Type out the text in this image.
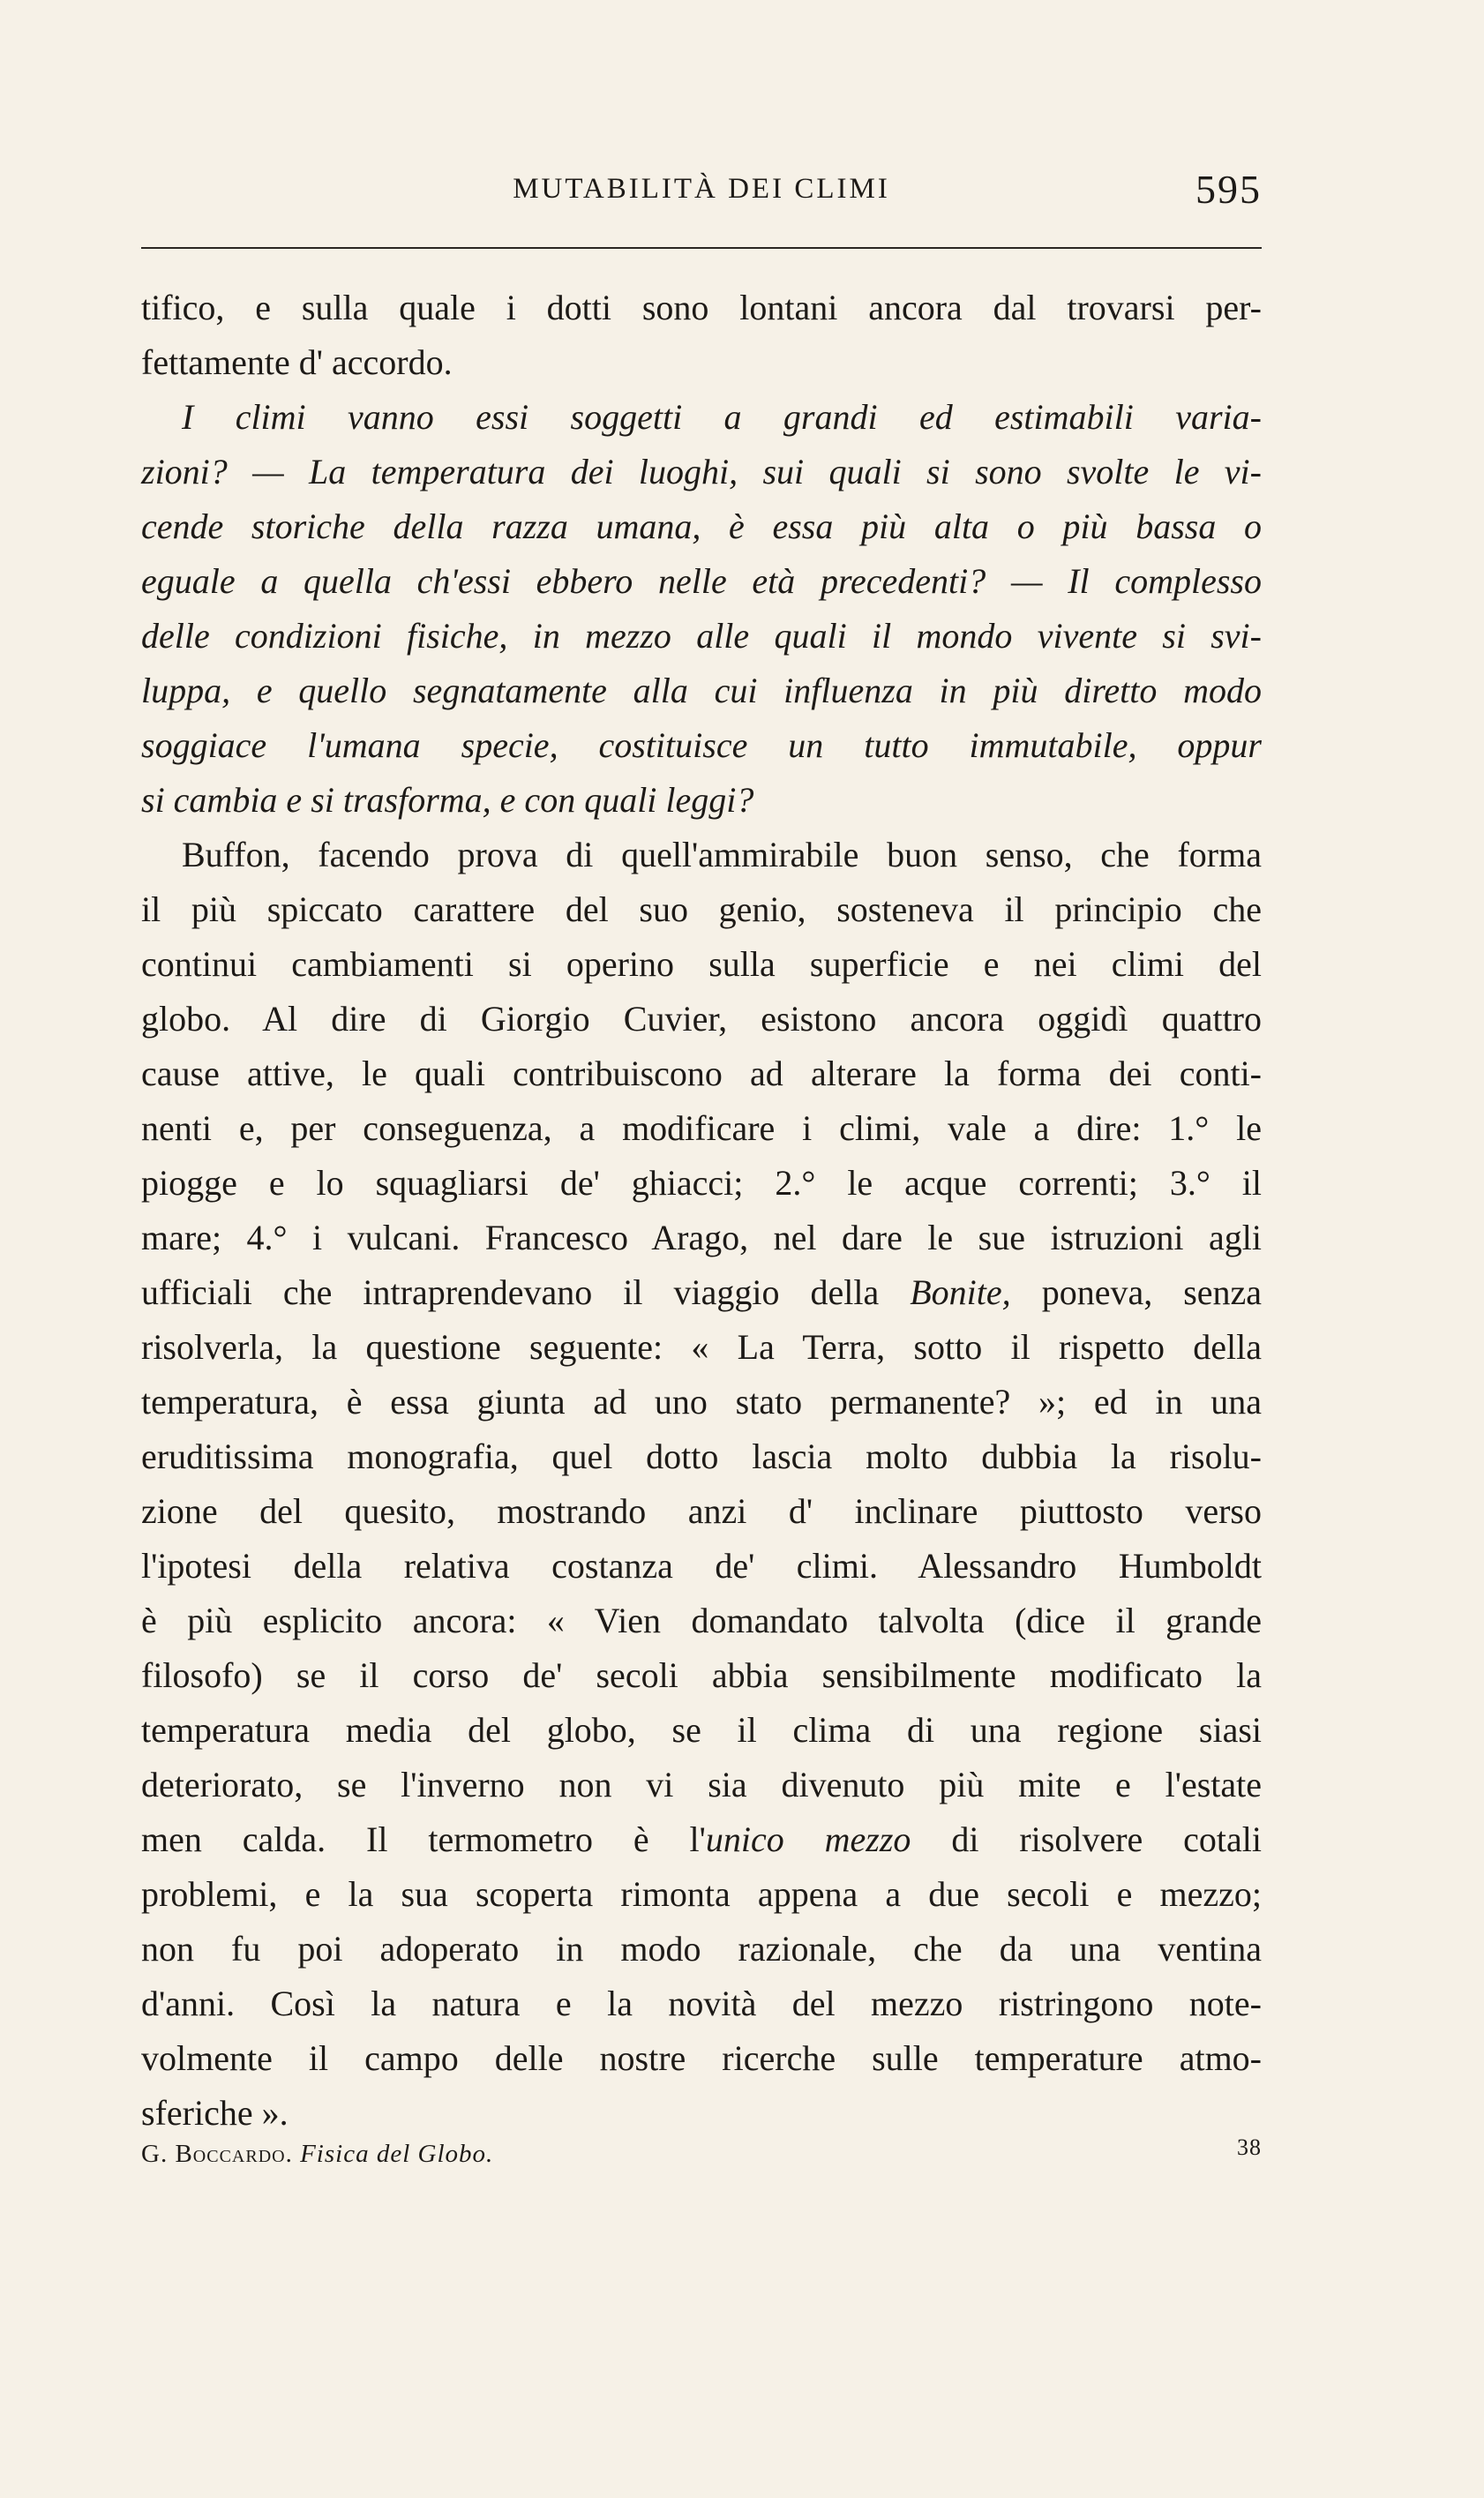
MUTABILITÀ DEI CLIMI	595
tifico, e sulla quale i dotti sono lontani ancora dal trovarsi per-
fettamente d' accordo.
I climi vanno essi soggetti a grandi ed estimabili varia-
zioni? — La temperatura dei luoghi, sui quali si sono svolte le vi-
cende storiche della razza umana, è essa più alta o più bassa o
eguale a quella ch'essi ebbero nelle età precedenti? — Il complesso
delle condizioni fisiche, in mezzo alle quali il mondo vivente si svi-
luppa, e quello segnatamente alla cui influenza in più diretto modo
soggiace l'umana specie, costituisce un tutto immutabile, oppur
si cambia e si trasforma, e con quali leggi?
Buffon, facendo prova di quell'ammirabile buon senso, che forma
il più spiccato carattere del suo genio, sosteneva il principio che
continui cambiamenti si operino sulla superficie e nei climi del
globo. Al dire di Giorgio Cuvier, esistono ancora oggidì quattro
cause attive, le quali contribuiscono ad alterare la forma dei conti-
nenti e, per conseguenza, a modificare i climi, vale a dire: 1.° le
piogge e lo squagliarsi de' ghiacci; 2.° le acque correnti; 3.° il
mare; 4.° i vulcani. Francesco Arago, nel dare le sue istruzioni agli
ufficiali che intraprendevano il viaggio della Bonite, poneva, senza
risolverla, la questione seguente: « La Terra, sotto il rispetto della
temperatura, è essa giunta ad uno stato permanente? »; ed in una
eruditissima monografia, quel dotto lascia molto dubbia la risolu-
zione del quesito, mostrando anzi d' inclinare piuttosto verso
l'ipotesi della relativa costanza de' climi. Alessandro Humboldt
è più esplicito ancora: « Vien domandato talvolta (dice il grande
filosofo) se il corso de' secoli abbia sensibilmente modificato la
temperatura media del globo, se il clima di una regione siasi
deteriorato, se l'inverno non vi sia divenuto più mite e l'estate
men calda. Il termometro è l'unico mezzo di risolvere cotali
problemi, e la sua scoperta rimonta appena a due secoli e mezzo;
non fu poi adoperato in modo razionale, che da una ventina
d'anni. Così la natura e la novità del mezzo ristringono note-
volmente il campo delle nostre ricerche sulle temperature atmo-
sferiche ».
G. Boccardo. Fisica del Globo.	38
